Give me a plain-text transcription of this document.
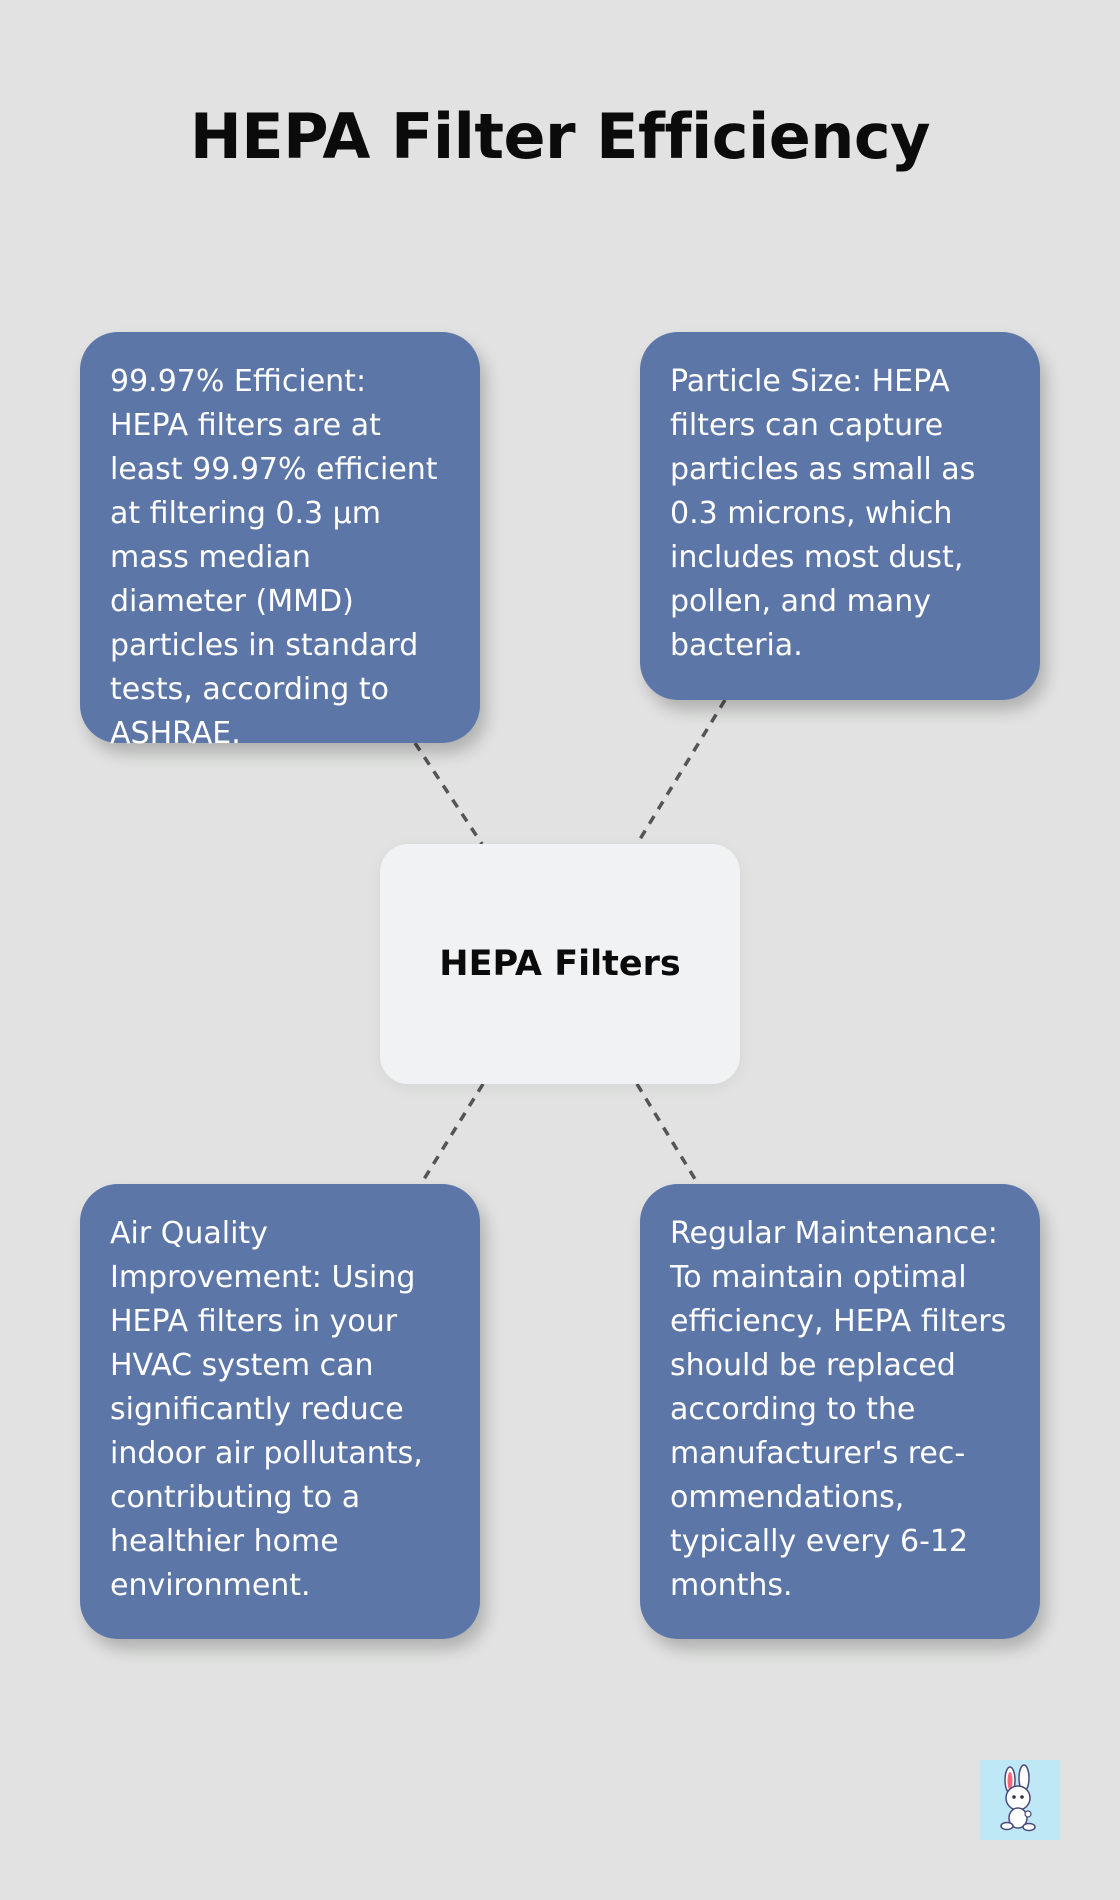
HEPA Filter Efficiency
99.97% Efficient: HEPA filters are at least 99.97% efficient at filtering 0.3 µm mass median diameter (MMD) particles in standard tests, according to ASHRAE.
Particle Size: HEPA filters can capture particles as small as 0.3 microns, which includes most dust, pollen, and many bacteria.
HEPA Filters
Air Quality Improvement: Using HEPA filters in your HVAC system can significantly reduce indoor air pollutants, contributing to a healthier home environment.
Regular Maintenance: To maintain optimal efficiency, HEPA filters should be replaced according to the manufacturer's recommendations, typically every 6-12 months.
